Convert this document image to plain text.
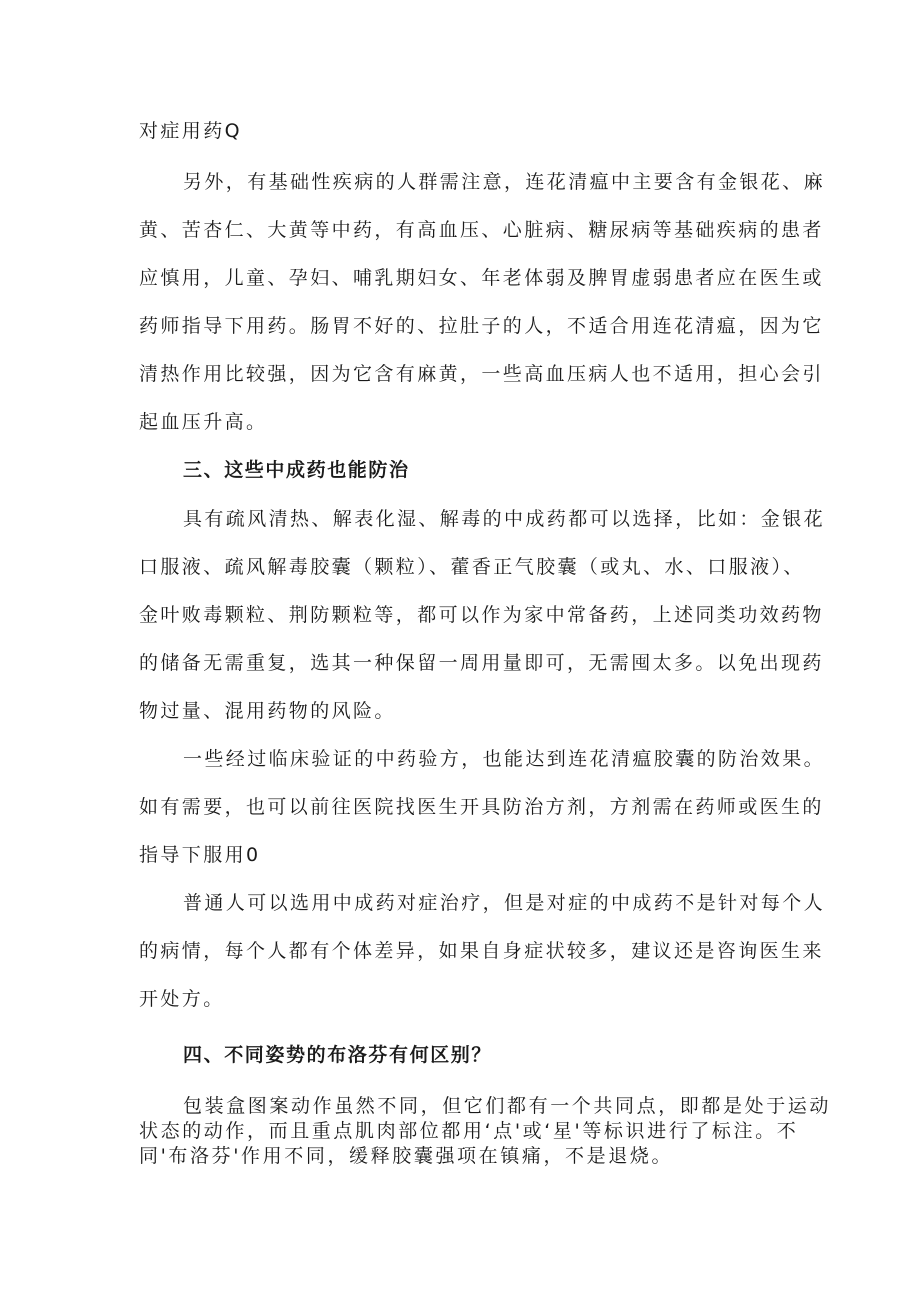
对症用药Q
另外，有基础性疾病的人群需注意，连花清瘟中主要含有金银花、麻
黄、苦杏仁、大黄等中药，有高血压、心脏病、糖尿病等基础疾病的患者
应慎用，儿童、孕妇、哺乳期妇女、年老体弱及脾胃虚弱患者应在医生或
药师指导下用药。肠胃不好的、拉肚子的人，不适合用连花清瘟，因为它
清热作用比较强，因为它含有麻黄，一些高血压病人也不适用，担心会引
起血压升高。
三、这些中成药也能防治
具有疏风清热、解表化湿、解毒的中成药都可以选择，比如：金银花
口服液、疏风解毒胶囊（颗粒）、藿香正气胶囊（或丸、水、口服液）、
金叶败毒颗粒、荆防颗粒等，都可以作为家中常备药，上述同类功效药物
的储备无需重复，选其一种保留一周用量即可，无需囤太多。以免出现药
物过量、混用药物的风险。
一些经过临床验证的中药验方，也能达到连花清瘟胶囊的防治效果。
如有需要，也可以前往医院找医生开具防治方剂，方剂需在药师或医生的
指导下服用0
普通人可以选用中成药对症治疗，但是对症的中成药不是针对每个人
的病情，每个人都有个体差异，如果自身症状较多，建议还是咨询医生来
开处方。
四、不同姿势的布洛芬有何区别？
包装盒图案动作虽然不同，但它们都有一个共同点，即都是处于运动
状态的动作，而且重点肌肉部位都用‘点'或‘星'等标识进行了标注。不
同'布洛芬'作用不同，缓释胶囊强项在镇痛，不是退烧。
